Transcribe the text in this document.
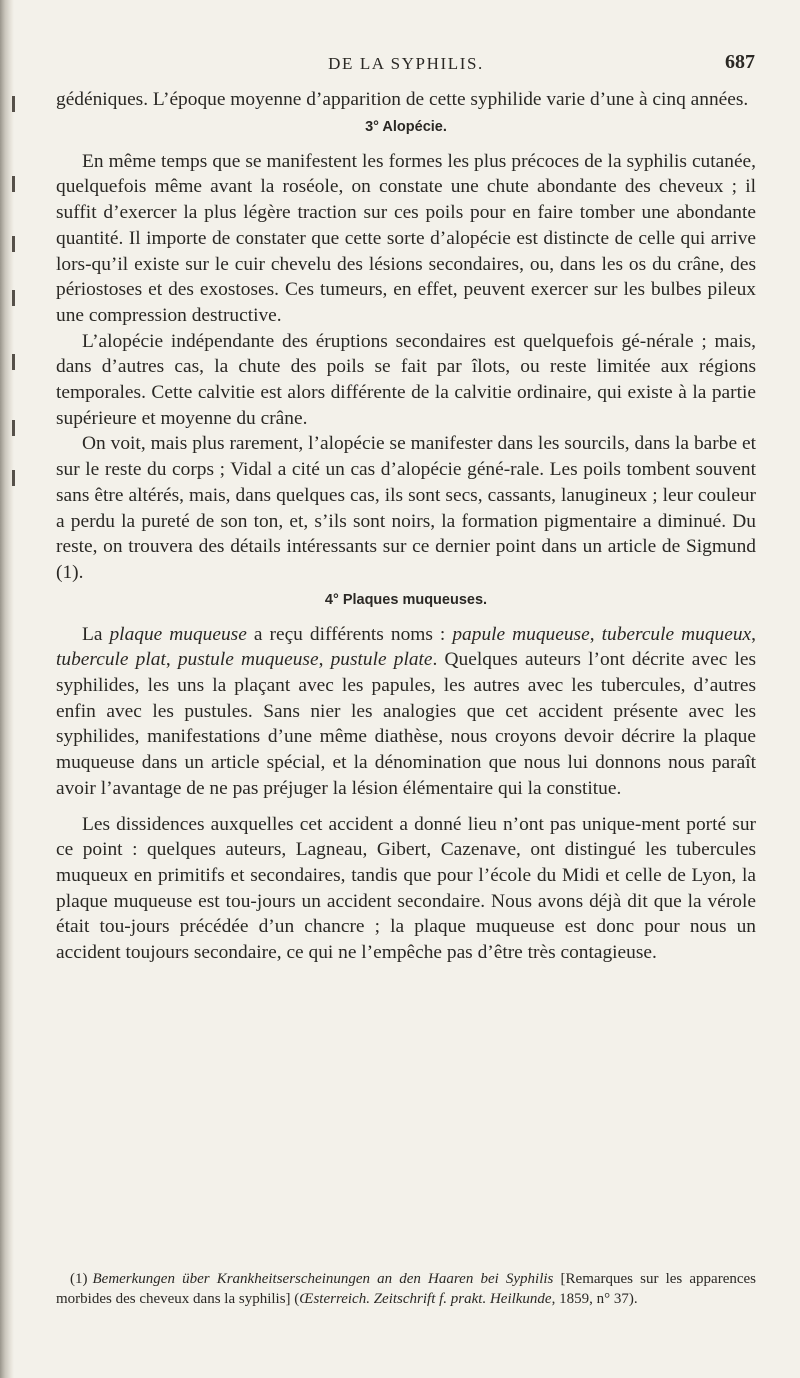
DE LA SYPHILIS.	687

gédéniques. L’époque moyenne d’apparition de cette syphilide varie d’une à cinq années.

3° Alopécie.

En même temps que se manifestent les formes les plus précoces de la syphilis cutanée, quelquefois même avant la roséole, on constate une chute abondante des cheveux ; il suffit d’exercer la plus légère traction sur ces poils pour en faire tomber une abondante quantité. Il importe de constater que cette sorte d’alopécie est distincte de celle qui arrive lors-qu’il existe sur le cuir chevelu des lésions secondaires, ou, dans les os du crâne, des périostoses et des exostoses. Ces tumeurs, en effet, peuvent exercer sur les bulbes pileux une compression destructive.

L’alopécie indépendante des éruptions secondaires est quelquefois gé-nérale ; mais, dans d’autres cas, la chute des poils se fait par îlots, ou reste limitée aux régions temporales. Cette calvitie est alors différente de la calvitie ordinaire, qui existe à la partie supérieure et moyenne du crâne.

On voit, mais plus rarement, l’alopécie se manifester dans les sourcils, dans la barbe et sur le reste du corps ; Vidal a cité un cas d’alopécie géné-rale. Les poils tombent souvent sans être altérés, mais, dans quelques cas, ils sont secs, cassants, lanugineux ; leur couleur a perdu la pureté de son ton, et, s’ils sont noirs, la formation pigmentaire a diminué. Du reste, on trouvera des détails intéressants sur ce dernier point dans un article de Sigmund (1).

4° Plaques muqueuses.

La plaque muqueuse a reçu différents noms : papule muqueuse, tubercule muqueux, tubercule plat, pustule muqueuse, pustule plate. Quelques auteurs l’ont décrite avec les syphilides, les uns la plaçant avec les papules, les autres avec les tubercules, d’autres enfin avec les pustules. Sans nier les analogies que cet accident présente avec les syphilides, manifestations d’une même diathèse, nous croyons devoir décrire la plaque muqueuse dans un article spécial, et la dénomination que nous lui donnons nous paraît avoir l’avantage de ne pas préjuger la lésion élémentaire qui la constitue.

Les dissidences auxquelles cet accident a donné lieu n’ont pas unique-ment porté sur ce point : quelques auteurs, Lagneau, Gibert, Cazenave, ont distingué les tubercules muqueux en primitifs et secondaires, tandis que pour l’école du Midi et celle de Lyon, la plaque muqueuse est tou-jours un accident secondaire. Nous avons déjà dit que la vérole était tou-jours précédée d’un chancre ; la plaque muqueuse est donc pour nous un accident toujours secondaire, ce qui ne l’empêche pas d’être très contagieuse.

(1) Bemerkungen über Krankheitserscheinungen an den Haaren bei Syphilis [Remarques sur les apparences morbides des cheveux dans la syphilis] (Œsterreich. Zeitschrift f. prakt. Heilkunde, 1859, n° 37).
